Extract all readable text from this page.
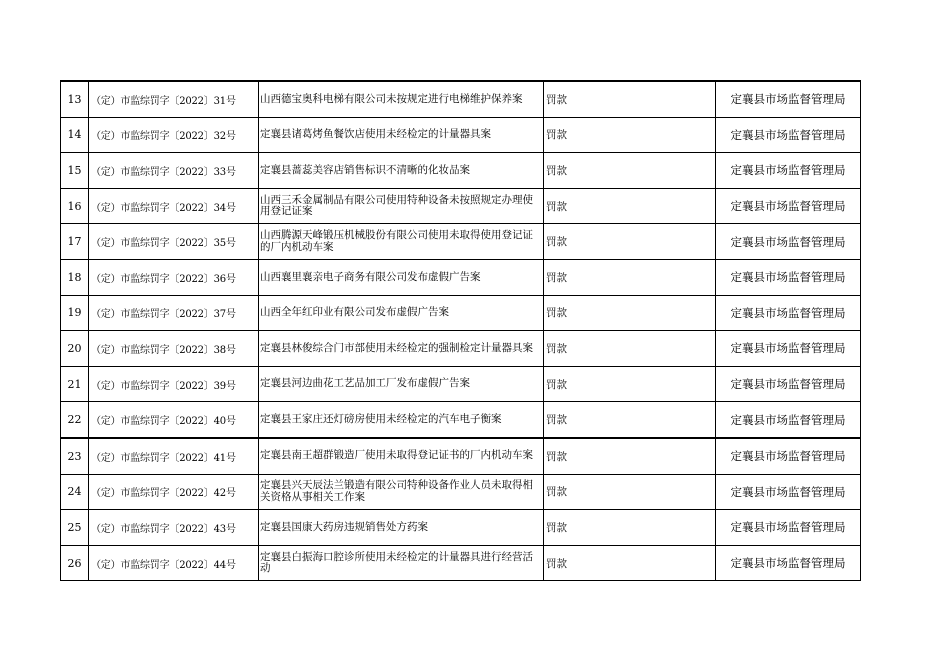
13	（定）市监综罚字〔2022〕31号	山西德宝奥科电梯有限公司未按规定进行电梯维护保养案	罚款	定襄县市场监督管理局
14	（定）市监综罚字〔2022〕32号	定襄县诸葛烤鱼餐饮店使用未经检定的计量器具案	罚款	定襄县市场监督管理局
15	（定）市监综罚字〔2022〕33号	定襄县蔷蕊美容店销售标识不清晰的化妆品案	罚款	定襄县市场监督管理局
16	（定）市监综罚字〔2022〕34号	山西三禾金属制品有限公司使用特种设备未按照规定办理使用登记证案	罚款	定襄县市场监督管理局
17	（定）市监综罚字〔2022〕35号	山西腾源天峰锻压机械股份有限公司使用未取得使用登记证的厂内机动车案	罚款	定襄县市场监督管理局
18	（定）市监综罚字〔2022〕36号	山西襄里襄亲电子商务有限公司发布虚假广告案	罚款	定襄县市场监督管理局
19	（定）市监综罚字〔2022〕37号	山西全年红印业有限公司发布虚假广告案	罚款	定襄县市场监督管理局
20	（定）市监综罚字〔2022〕38号	定襄县林俊综合门市部使用未经检定的强制检定计量器具案	罚款	定襄县市场监督管理局
21	（定）市监综罚字〔2022〕39号	定襄县河边曲花工艺品加工厂发布虚假广告案	罚款	定襄县市场监督管理局
22	（定）市监综罚字〔2022〕40号	定襄县王家庄还灯磅房使用未经检定的汽车电子衡案	罚款	定襄县市场监督管理局
23	（定）市监综罚字〔2022〕41号	定襄县南王超群锻造厂使用未取得登记证书的厂内机动车案	罚款	定襄县市场监督管理局
24	（定）市监综罚字〔2022〕42号	定襄县兴天辰法兰锻造有限公司特种设备作业人员未取得相关资格从事相关工作案	罚款	定襄县市场监督管理局
25	（定）市监综罚字〔2022〕43号	定襄县国康大药房违规销售处方药案	罚款	定襄县市场监督管理局
26	（定）市监综罚字〔2022〕44号	定襄县白振海口腔诊所使用未经检定的计量器具进行经营活动	罚款	定襄县市场监督管理局
